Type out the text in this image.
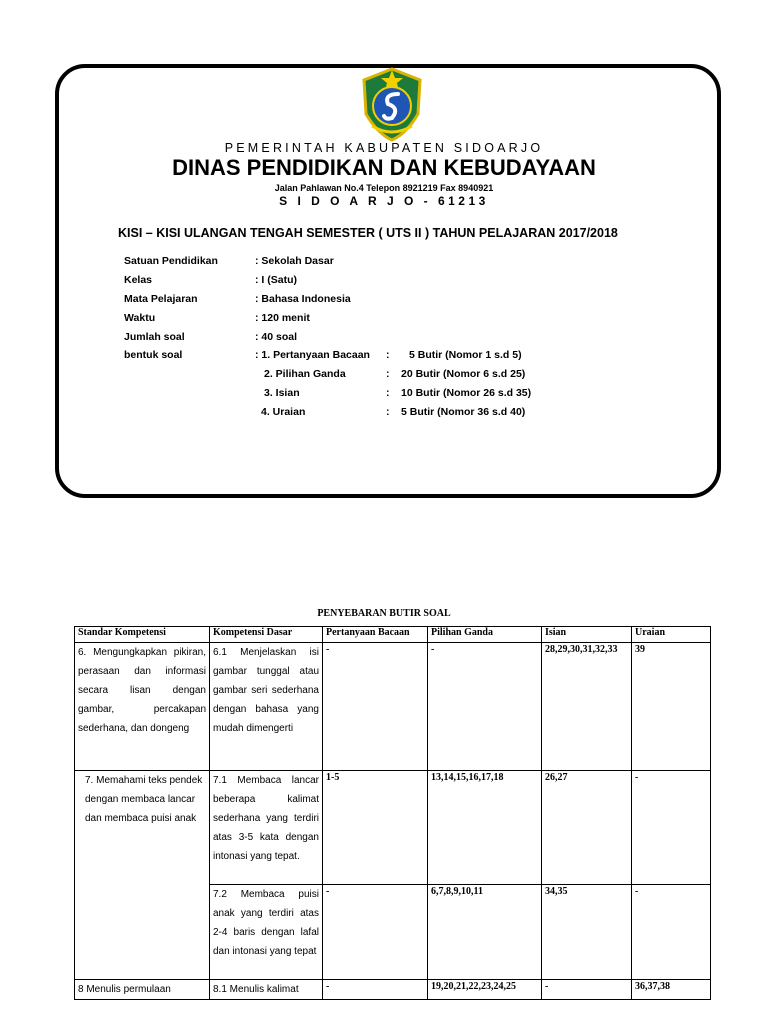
PEMERINTAH KABUPATEN SIDOARJO
DINAS PENDIDIKAN DAN KEBUDAYAAN
Jalan Pahlawan No.4 Telepon 8921219 Fax 8940921
S I D O A R J O - 61213
KISI – KISI ULANGAN TENGAH SEMESTER ( UTS II ) TAHUN PELAJARAN 2017/2018
Satuan Pendidikan	: Sekolah Dasar
Kelas	: I (Satu)
Mata Pelajaran	: Bahasa Indonesia
Waktu	: 120 menit
Jumlah soal	: 40 soal
bentuk soal	: 1. Pertanyaan Bacaan : 5 Butir (Nomor 1 s.d 5)
2. Pilihan Ganda	: 20 Butir (Nomor 6 s.d 25)
3. Isian	: 10 Butir (Nomor 26 s.d 35)
4. Uraian	: 5 Butir (Nomor 36 s.d 40)
PENYEBARAN BUTIR SOAL
Standar Kompetensi	Kompetensi Dasar	Pertanyaan Bacaan	Pilihan Ganda	Isian	Uraian
6. Mengungkapkan pikiran, perasaan dan informasi secara lisan dengan gambar, percakapan sederhana, dan dongeng	6.1 Menjelaskan isi gambar tunggal atau gambar seri sederhana dengan bahasa yang mudah dimengerti	-	-	28,29,30,31,32,33	39
7. Memahami teks pendek dengan membaca lancar dan membaca puisi anak	7.1 Membaca lancar beberapa kalimat sederhana yang terdiri atas 3-5 kata dengan intonasi yang tepat.	1-5	13,14,15,16,17,18	26,27	-
	7.2 Membaca puisi anak yang terdiri atas 2-4 baris dengan lafal dan intonasi yang tepat	-	6,7,8,9,10,11	34,35	-
8 Menulis permulaan	8.1 Menulis kalimat	-	19,20,21,22,23,24,25	-	36,37,38
